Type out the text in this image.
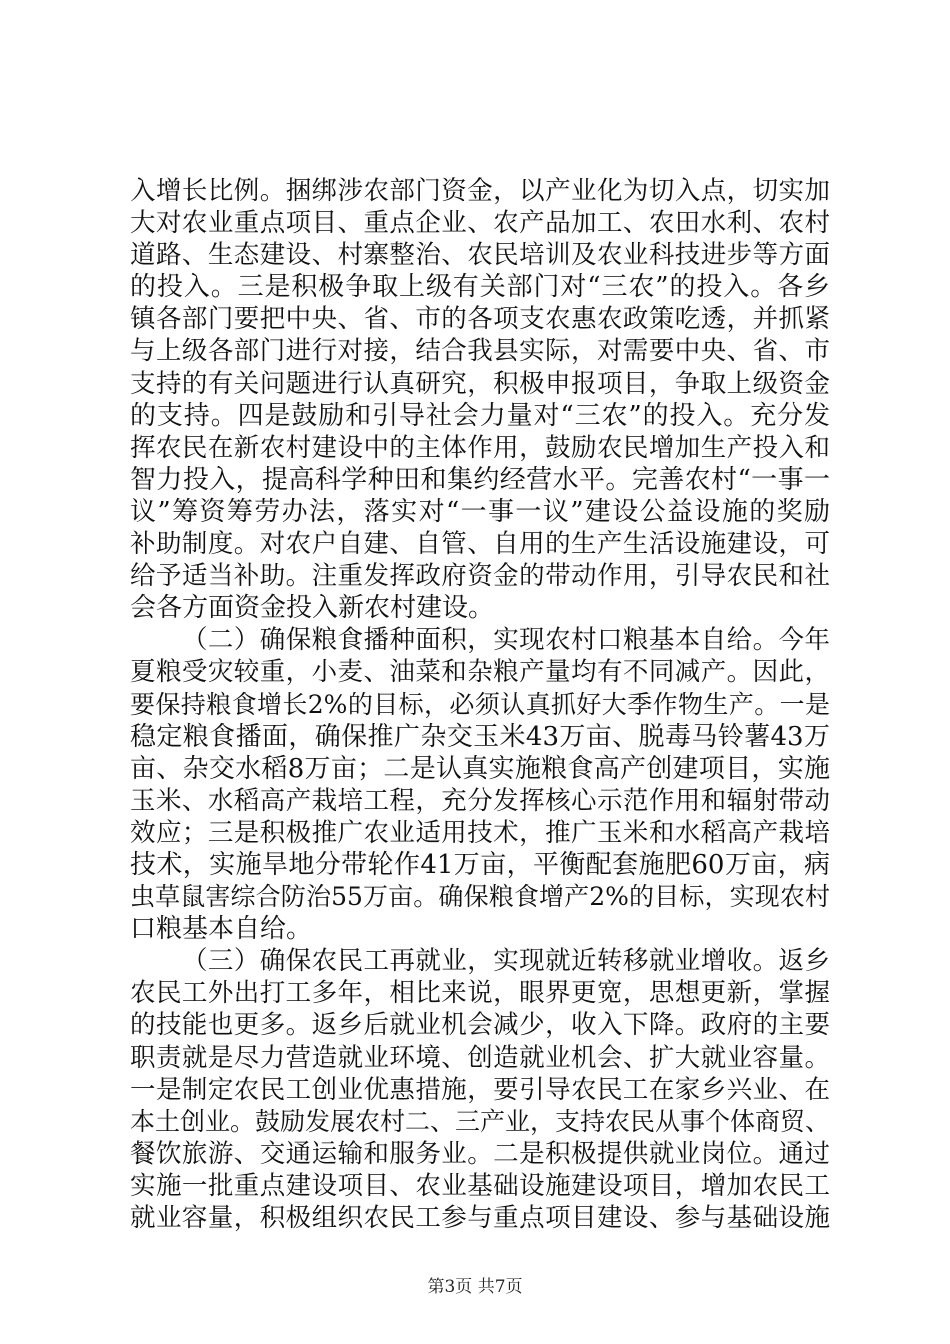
入增长比例。捆绑涉农部门资金，以产业化为切入点，切实加
大对农业重点项目、重点企业、农产品加工、农田水利、农村
道路、生态建设、村寨整治、农民培训及农业科技进步等方面
的投入。三是积极争取上级有关部门对“三农”的投入。各乡
镇各部门要把中央、省、市的各项支农惠农政策吃透，并抓紧
与上级各部门进行对接，结合我县实际，对需要中央、省、市
支持的有关问题进行认真研究，积极申报项目，争取上级资金
的支持。四是鼓励和引导社会力量对“三农”的投入。充分发
挥农民在新农村建设中的主体作用，鼓励农民增加生产投入和
智力投入，提高科学种田和集约经营水平。完善农村“一事一
议”筹资筹劳办法，落实对“一事一议”建设公益设施的奖励
补助制度。对农户自建、自管、自用的生产生活设施建设，可
给予适当补助。注重发挥政府资金的带动作用，引导农民和社
会各方面资金投入新农村建设。
（二）确保粮食播种面积，实现农村口粮基本自给。今年
夏粮受灾较重，小麦、油菜和杂粮产量均有不同减产。因此，
要保持粮食增长2%的目标，必须认真抓好大季作物生产。一是
稳定粮食播面，确保推广杂交玉米43万亩、脱毒马铃薯43万
亩、杂交水稻8万亩；二是认真实施粮食高产创建项目，实施
玉米、水稻高产栽培工程，充分发挥核心示范作用和辐射带动
效应；三是积极推广农业适用技术，推广玉米和水稻高产栽培
技术，实施旱地分带轮作41万亩，平衡配套施肥60万亩，病
虫草鼠害综合防治55万亩。确保粮食增产2%的目标，实现农村
口粮基本自给。
（三）确保农民工再就业，实现就近转移就业增收。返乡
农民工外出打工多年，相比来说，眼界更宽，思想更新，掌握
的技能也更多。返乡后就业机会减少，收入下降。政府的主要
职责就是尽力营造就业环境、创造就业机会、扩大就业容量。
一是制定农民工创业优惠措施，要引导农民工在家乡兴业、在
本土创业。鼓励发展农村二、三产业，支持农民从事个体商贸、
餐饮旅游、交通运输和服务业。二是积极提供就业岗位。通过
实施一批重点建设项目、农业基础设施建设项目，增加农民工
就业容量，积极组织农民工参与重点项目建设、参与基础设施
第3页 共7页
